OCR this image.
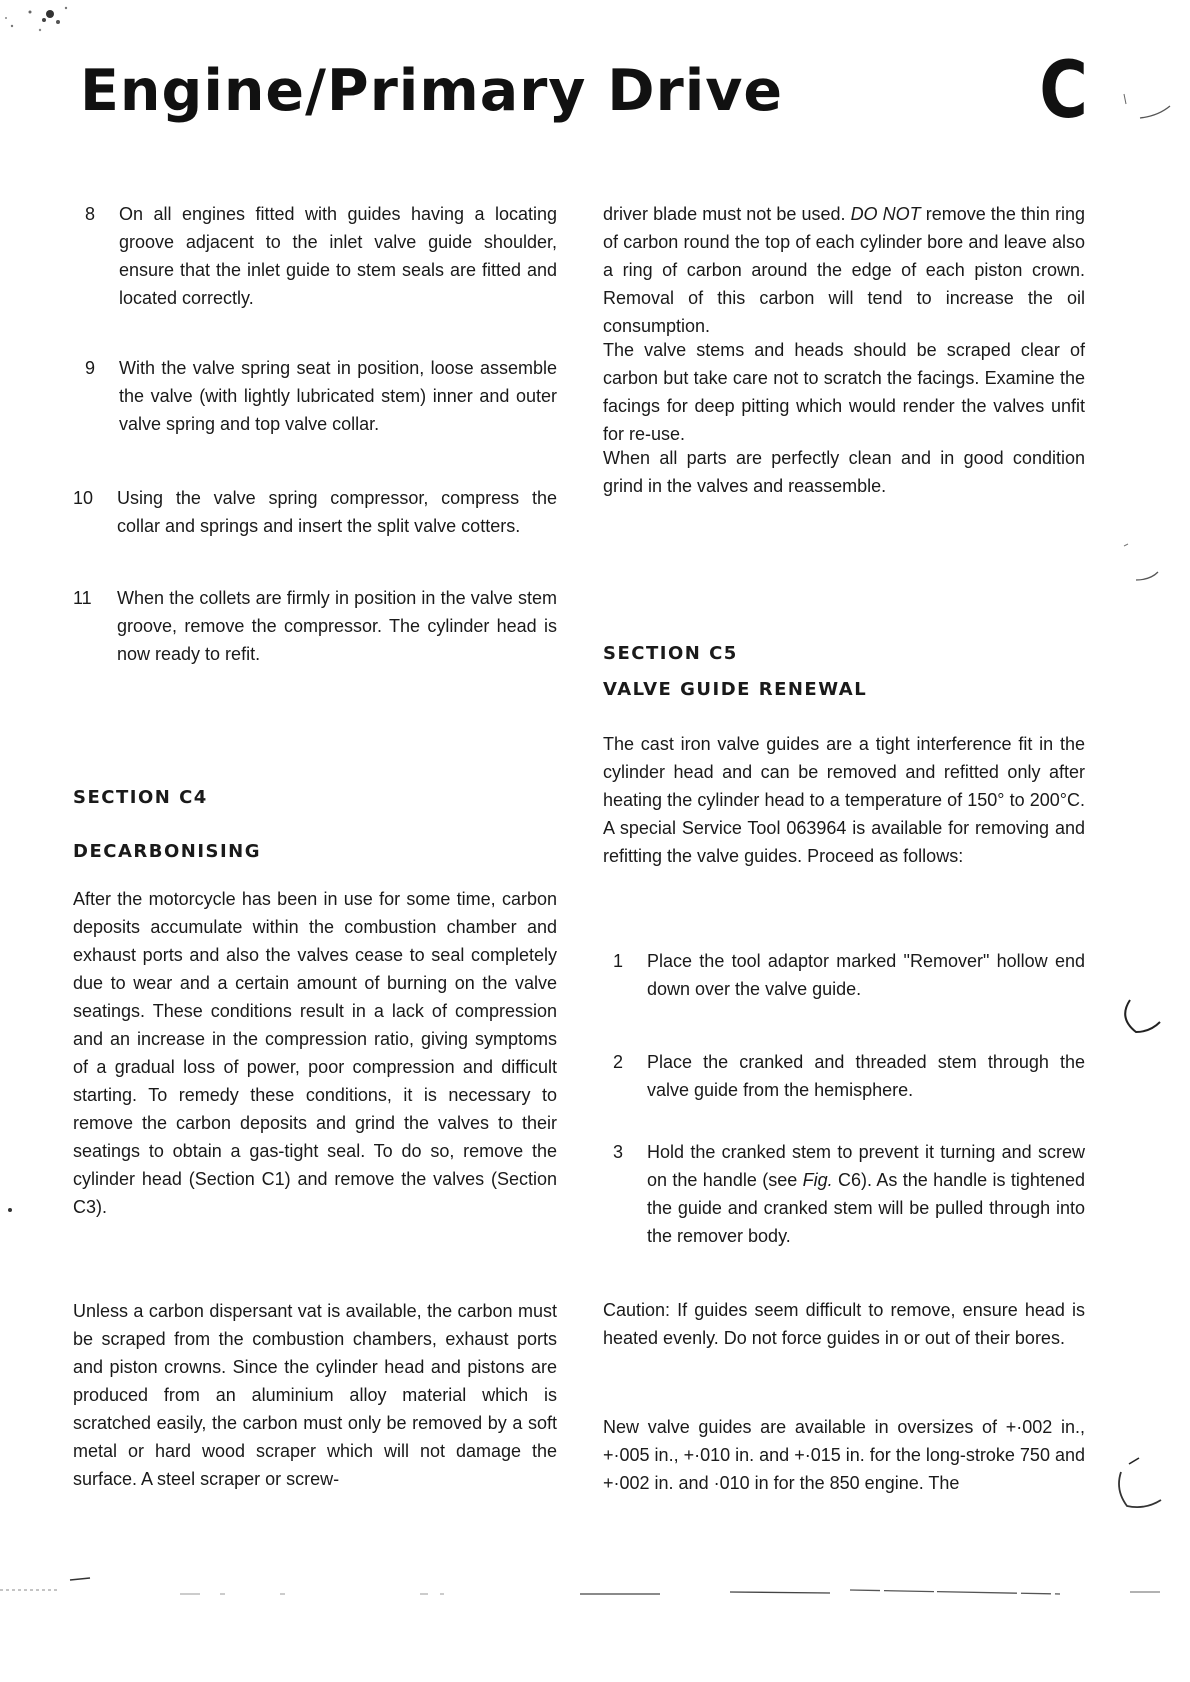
Engine/Primary Drive	C
8	On all engines fitted with guides having a locating groove adjacent to the inlet valve guide shoulder, ensure that the inlet guide to stem seals are fitted and located correctly.

9	With the valve spring seat in position, loose assemble the valve (with lightly lubricated stem) inner and outer valve spring and top valve collar.

10	Using the valve spring compressor, compress the collar and springs and insert the split valve cotters.

11	When the collets are firmly in position in the valve stem groove, remove the compressor. The cylinder head is now ready to refit.

SECTION C4
DECARBONISING

After the motorcycle has been in use for some time, carbon deposits accumulate within the combustion chamber and exhaust ports and also the valves cease to seal completely due to wear and a certain amount of burning on the valve seatings. These conditions result in a lack of compression and an increase in the compression ratio, giving symptoms of a gradual loss of power, poor compression and difficult starting. To remedy these conditions, it is necessary to remove the carbon deposits and grind the valves to their seatings to obtain a gas-tight seal. To do so, remove the cylinder head (Section C1) and remove the valves (Section C3).

Unless a carbon dispersant vat is available, the carbon must be scraped from the combustion chambers, exhaust ports and piston crowns. Since the cylinder head and pistons are produced from an aluminium alloy material which is scratched easily, the carbon must only be removed by a soft metal or hard wood scraper which will not damage the surface. A steel scraper or screw-

driver blade must not be used. DO NOT remove the thin ring of carbon round the top of each cylinder bore and leave also a ring of carbon around the edge of each piston crown. Removal of this carbon will tend to increase the oil consumption.

The valve stems and heads should be scraped clear of carbon but take care not to scratch the facings. Examine the facings for deep pitting which would render the valves unfit for re-use.

When all parts are perfectly clean and in good condition grind in the valves and reassemble.

SECTION C5
VALVE GUIDE RENEWAL

The cast iron valve guides are a tight interference fit in the cylinder head and can be removed and refitted only after heating the cylinder head to a temperature of 150° to 200°C. A special Service Tool 063964 is available for removing and refitting the valve guides. Proceed as follows:

1	Place the tool adaptor marked "Remover" hollow end down over the valve guide.

2	Place the cranked and threaded stem through the valve guide from the hemisphere.

3	Hold the cranked stem to prevent it turning and screw on the handle (see Fig. C6). As the handle is tightened the guide and cranked stem will be pulled through into the remover body.

Caution: If guides seem difficult to remove, ensure head is heated evenly. Do not force guides in or out of their bores.

New valve guides are available in oversizes of +·002 in., +·005 in., +·010 in. and +·015 in. for the long-stroke 750 and +·002 in. and ·010 in for the 850 engine. The
